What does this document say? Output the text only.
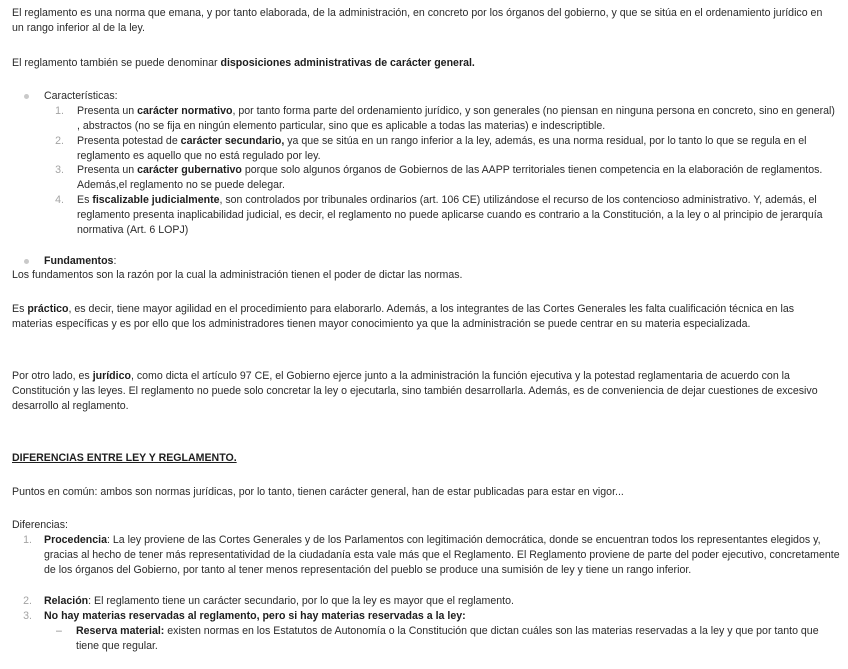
El reglamento es una norma que emana, y por tanto elaborada, de la administración, en concreto por los órganos del gobierno, y que se sitúa en el ordenamiento jurídico en un rango inferior al de la ley.

El reglamento también se puede denominar disposiciones administrativas de carácter general.

Características:
1. Presenta un carácter normativo, por tanto forma parte del ordenamiento jurídico, y son generales (no piensan en ninguna persona en concreto, sino en general) , abstractos (no se fija en ningún elemento particular, sino que es aplicable a todas las materias) e indescriptible.
2. Presenta potestad de carácter secundario, ya que se sitúa en un rango inferior a la ley, además, es una norma residual, por lo tanto lo que se regula en el reglamento es aquello que no está regulado por ley.
3. Presenta un carácter gubernativo porque solo algunos órganos de Gobiernos de las AAPP territoriales tienen competencia en la elaboración de reglamentos. Además,el reglamento no se puede delegar.
4. Es fiscalizable judicialmente, son controlados por tribunales ordinarios (art. 106 CE) utilizándose el recurso de los contencioso administrativo. Y, además, el reglamento presenta inaplicabilidad judicial, es decir, el reglamento no puede aplicarse cuando es contrario a la Constitución, a la ley o al principio de jerarquía normativa (Art. 6 LOPJ)
Fundamentos:

Los fundamentos son la razón por la cual la administración tienen el poder de dictar las normas.

Es práctico, es decir, tiene mayor agilidad en el procedimiento para elaborarlo. Además, a los integrantes de las Cortes Generales les falta cualificación técnica en las materias específicas y es por ello que los administradores tienen mayor conocimiento ya que la administración se puede centrar en su materia especializada.

Por otro lado, es jurídico, como dicta el artículo 97 CE, el Gobierno ejerce junto a la administración la función ejecutiva y la potestad reglamentaria de acuerdo con la Constitución y las leyes. El reglamento no puede solo concretar la ley o ejecutarla, sino también desarrollarla. Además, es de conveniencia de dejar cuestiones de excesivo desarrollo al reglamento.

DIFERENCIAS ENTRE LEY Y REGLAMENTO.

Puntos en común: ambos son normas jurídicas, por lo tanto, tienen carácter general, han de estar publicadas para estar en vigor...

Diferencias:

1. Procedencia: La ley proviene de las Cortes Generales y de los Parlamentos con legitimación democrática, donde se encuentran todos los representantes elegidos y, gracias al hecho de tener más representatividad de la ciudadanía esta vale más que el Reglamento. El Reglamento proviene de parte del poder ejecutivo, concretamente de los órganos del Gobierno, por tanto al tener menos representación del pueblo se produce una sumisión de ley y tiene un rango inferior.
2. Relación: El reglamento tiene un carácter secundario, por lo que la ley es mayor que el reglamento.
3. No hay materias reservadas al reglamento, pero si hay materias reservadas a la ley:
–	Reserva material: existen normas en los Estatutos de Autonomía o la Constitución que dictan cuáles son las materias reservadas a la ley y que por tanto que tiene que regular.
